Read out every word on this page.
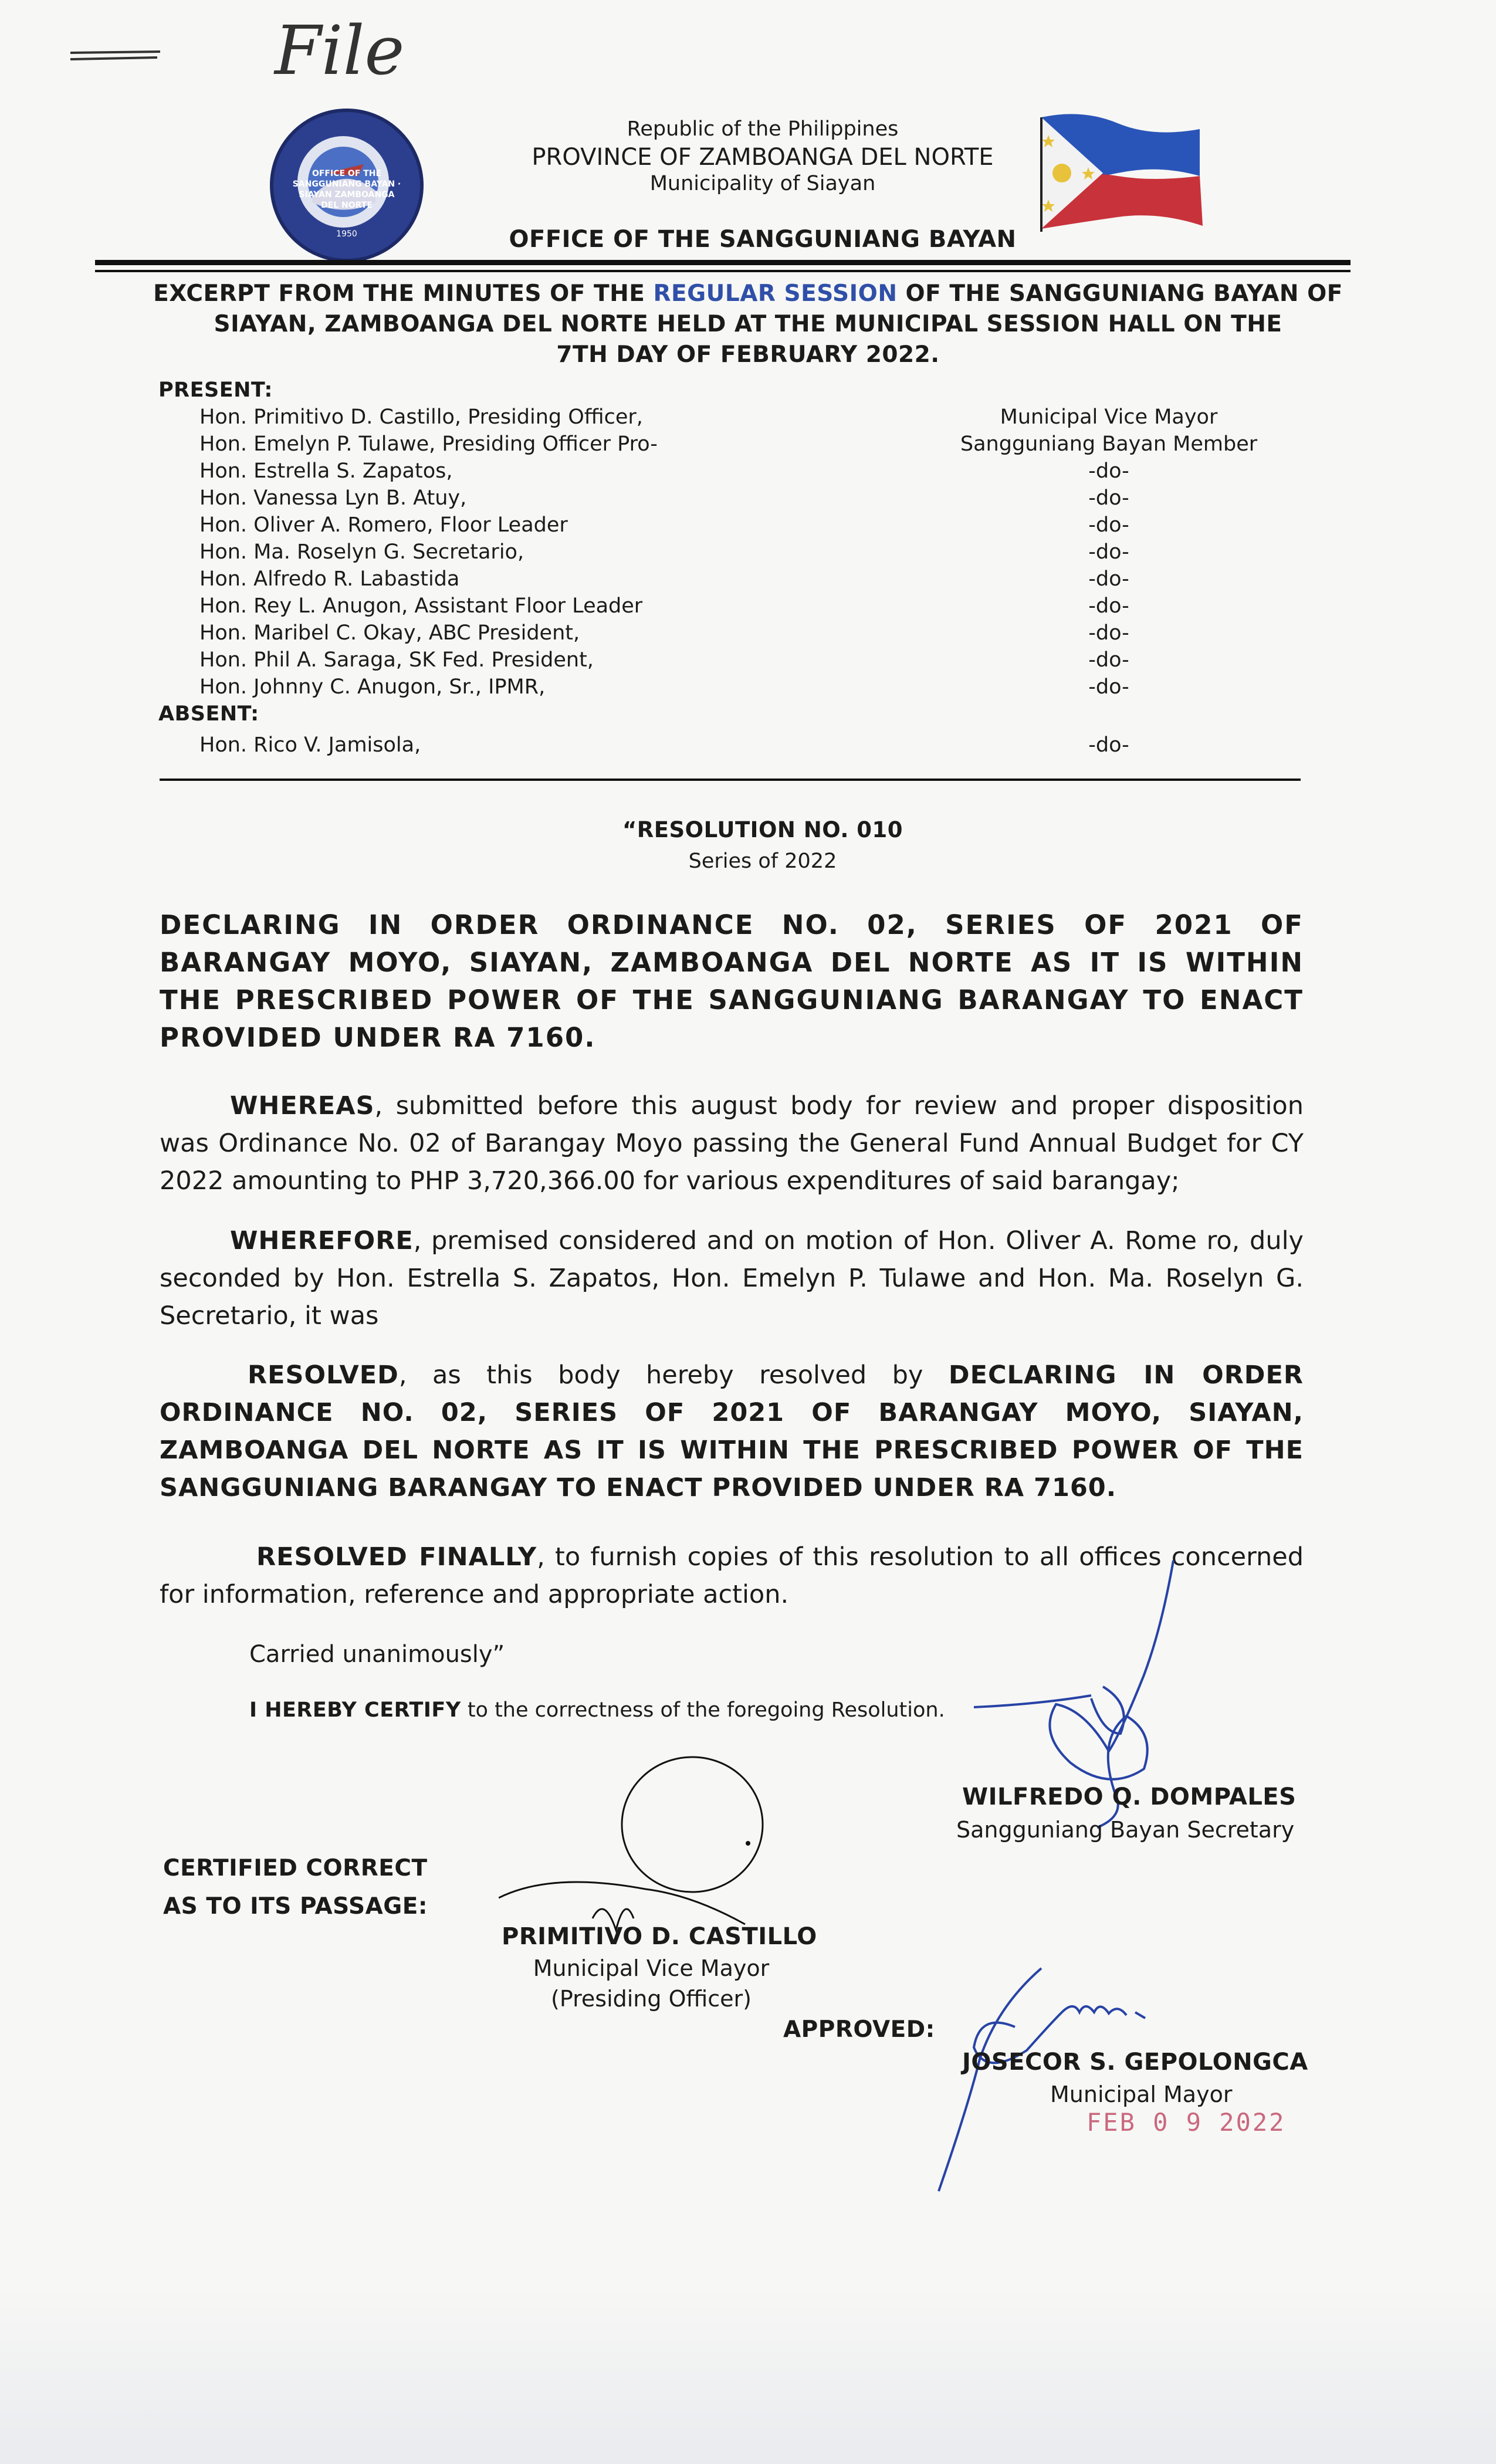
File
OFFICE OF THE SANGGUNIANG BAYAN · SIAYAN ZAMBOANGA DEL NORTE
1950
Republic of the Philippines
PROVINCE OF ZAMBOANGA DEL NORTE
Municipality of Siayan
OFFICE OF THE SANGGUNIANG BAYAN
EXCERPT FROM THE MINUTES OF THE REGULAR SESSION OF THE SANGGUNIANG BAYAN OF
SIAYAN, ZAMBOANGA DEL NORTE HELD AT THE MUNICIPAL SESSION HALL ON THE
7TH DAY OF FEBRUARY 2022.
PRESENT:
Hon. Primitivo D. Castillo, Presiding Officer,	Municipal Vice Mayor
Hon. Emelyn P. Tulawe, Presiding Officer Pro-	Sangguniang Bayan Member
Hon. Estrella S. Zapatos,	-do-
Hon. Vanessa Lyn B. Atuy,	-do-
Hon. Oliver A. Romero, Floor Leader	-do-
Hon. Ma. Roselyn G. Secretario,	-do-
Hon. Alfredo R. Labastida	-do-
Hon. Rey L. Anugon, Assistant Floor Leader	-do-
Hon. Maribel C. Okay, ABC President,	-do-
Hon. Phil A. Saraga, SK Fed. President,	-do-
Hon. Johnny C. Anugon, Sr., IPMR,	-do-
ABSENT:
Hon. Rico V. Jamisola,	-do-
“RESOLUTION NO. 010
Series of 2022
DECLARING IN ORDER ORDINANCE NO. 02, SERIES OF 2021 OF BARANGAY MOYO, SIAYAN, ZAMBOANGA DEL NORTE AS IT IS WITHIN THE PRESCRIBED POWER OF THE SANGGUNIANG BARANGAY TO ENACT PROVIDED UNDER RA 7160.
WHEREAS, submitted before this august body for review and proper disposition was Ordinance No. 02 of Barangay Moyo passing the General Fund Annual Budget for CY 2022 amounting to PHP 3,720,366.00 for various expenditures of said barangay;
WHEREFORE, premised considered and on motion of Hon. Oliver A. Rome ro, duly seconded by Hon. Estrella S. Zapatos, Hon. Emelyn P. Tulawe and Hon. Ma. Roselyn G. Secretario, it was
RESOLVED, as this body hereby resolved by DECLARING IN ORDER ORDINANCE NO. 02, SERIES OF 2021 OF BARANGAY MOYO, SIAYAN, ZAMBOANGA DEL NORTE AS IT IS WITHIN THE PRESCRIBED POWER OF THE SANGGUNIANG BARANGAY TO ENACT PROVIDED UNDER RA 7160.
RESOLVED FINALLY, to furnish copies of this resolution to all offices concerned for information, reference and appropriate action.
Carried unanimously”
I HEREBY CERTIFY to the correctness of the foregoing Resolution.
WILFREDO Q. DOMPALES
Sangguniang Bayan Secretary
CERTIFIED CORRECT
AS TO ITS PASSAGE:
PRIMITIVO D. CASTILLO
Municipal Vice Mayor
(Presiding Officer)
APPROVED:
JOSECOR S. GEPOLONGCA
Municipal Mayor
FEB 0 9 2022
